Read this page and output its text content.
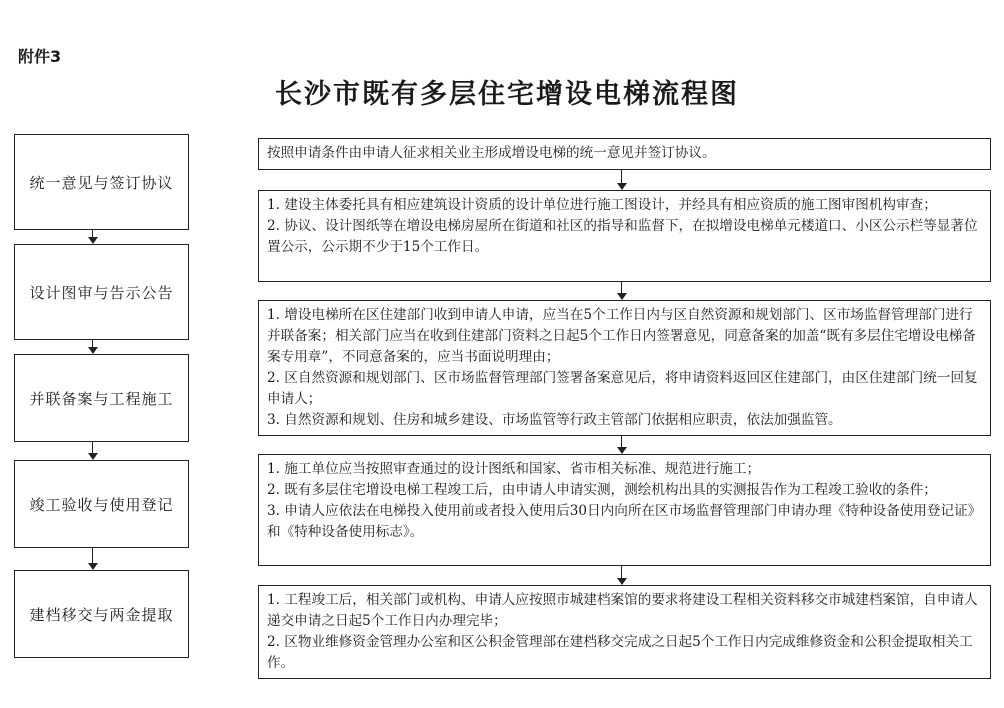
附件3
长沙市既有多层住宅增设电梯流程图
统一意见与签订协议
设计图审与告示公告
并联备案与工程施工
竣工验收与使用登记
建档移交与两金提取

按照申请条件由申请人征求相关业主形成增设电梯的统一意见并签订协议。

1. 建设主体委托具有相应建筑设计资质的设计单位进行施工图设计，并经具有相应资质的施工图审图机构审查；

2. 协议、设计图纸等在增设电梯房屋所在街道和社区的指导和监督下，在拟增设电梯单元楼道口、小区公示栏等显著位置公示，公示期不少于15个工作日。

1. 增设电梯所在区住建部门收到申请人申请，应当在5个工作日内与区自然资源和规划部门、区市场监督管理部门进行并联备案；相关部门应当在收到住建部门资料之日起5个工作日内签署意见，同意备案的加盖“既有多层住宅增设电梯备案专用章”，不同意备案的，应当书面说明理由；

2. 区自然资源和规划部门、区市场监督管理部门签署备案意见后，将申请资料返回区住建部门，由区住建部门统一回复申请人；

3. 自然资源和规划、住房和城乡建设、市场监管等行政主管部门依据相应职责，依法加强监管。

1. 施工单位应当按照审查通过的设计图纸和国家、省市相关标准、规范进行施工；

2. 既有多层住宅增设电梯工程竣工后，由申请人申请实测，测绘机构出具的实测报告作为工程竣工验收的条件；

3. 申请人应依法在电梯投入使用前或者投入使用后30日内向所在区市场监督管理部门申请办理《特种设备使用登记证》和《特种设备使用标志》。

1. 工程竣工后，相关部门或机构、申请人应按照市城建档案馆的要求将建设工程相关资料移交市城建档案馆，自申请人递交申请之日起5个工作日内办理完毕；

2. 区物业维修资金管理办公室和区公积金管理部在建档移交完成之日起5个工作日内完成维修资金和公积金提取相关工作。
